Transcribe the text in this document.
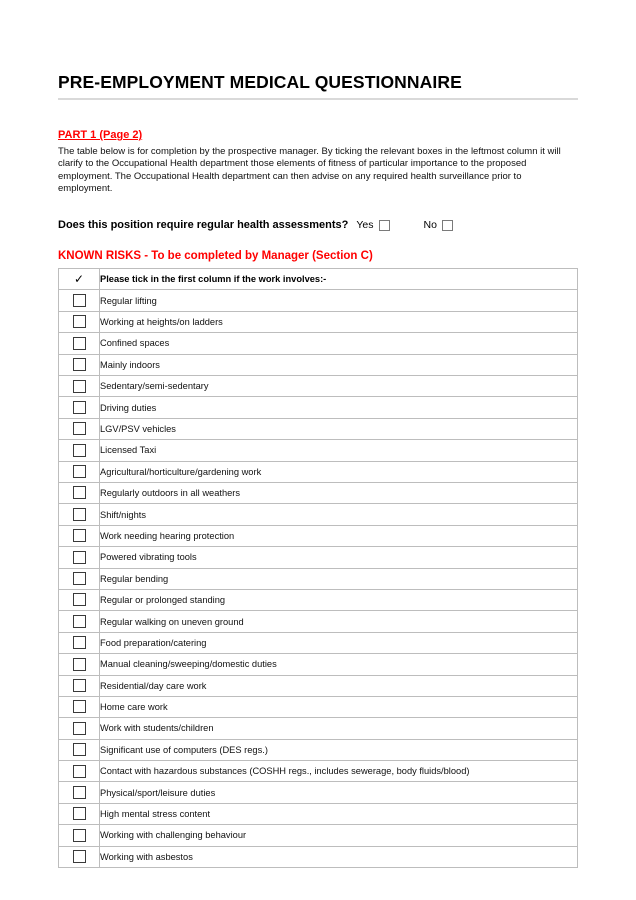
PRE-EMPLOYMENT MEDICAL QUESTIONNAIRE
PART 1 (Page 2)

The table below is for completion by the prospective manager. By ticking the relevant boxes in the leftmost column it will clarify to the Occupational Health department those elements of fitness of particular importance to the proposed employment. The Occupational Health department can then advise on any required health surveillance prior to employment.

Does this position require regular health assessments? Yes	No
KNOWN RISKS - To be completed by Manager (Section C)
✓	Please tick in the first column if the work involves:-
	Regular lifting
	Working at heights/on ladders
	Confined spaces
	Mainly indoors
	Sedentary/semi-sedentary
	Driving duties
	LGV/PSV vehicles
	Licensed Taxi
	Agricultural/horticulture/gardening work
	Regularly outdoors in all weathers
	Shift/nights
	Work needing hearing protection
	Powered vibrating tools
	Regular bending
	Regular or prolonged standing
	Regular walking on uneven ground
	Food preparation/catering
	Manual cleaning/sweeping/domestic duties
	Residential/day care work
	Home care work
	Work with students/children
	Significant use of computers (DES regs.)
	Contact with hazardous substances (COSHH regs., includes sewerage, body fluids/blood)
	Physical/sport/leisure duties
	High mental stress content
	Working with challenging behaviour
	Working with asbestos
